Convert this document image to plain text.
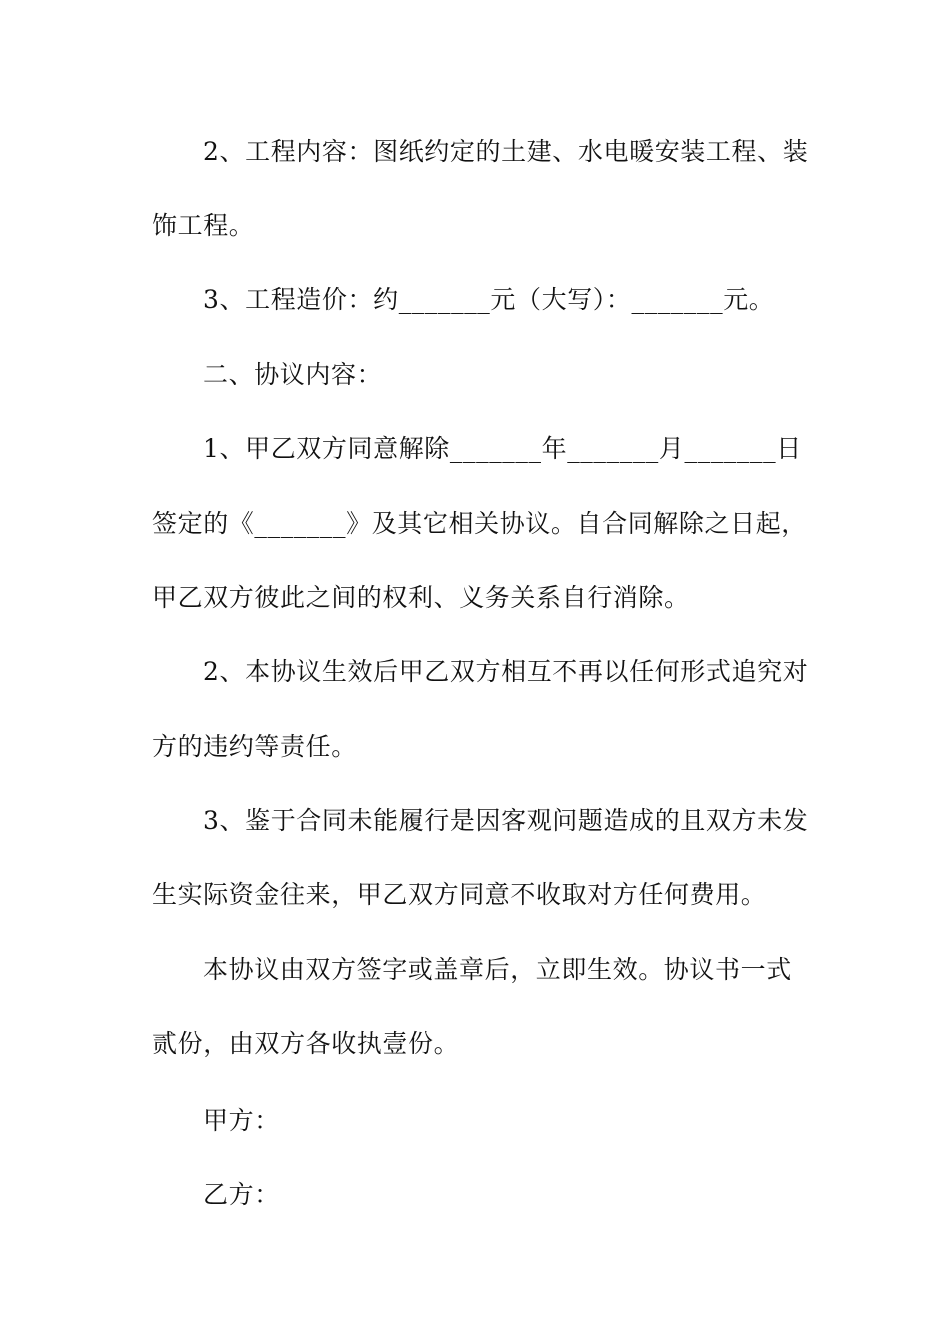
2、工程内容：图纸约定的土建、水电暖安装工程、装
饰工程。
3、工程造价：约_______元（大写）：_______元。
二、协议内容：
1、甲乙双方同意解除_______年_______月_______日
签定的《_______》及其它相关协议。自合同解除之日起，
甲乙双方彼此之间的权利、义务关系自行消除。
2、本协议生效后甲乙双方相互不再以任何形式追究对
方的违约等责任。
3、鉴于合同未能履行是因客观问题造成的且双方未发
生实际资金往来，甲乙双方同意不收取对方任何费用。
本协议由双方签字或盖章后，立即生效。协议书一式
贰份，由双方各收执壹份。
甲方：
乙方：
